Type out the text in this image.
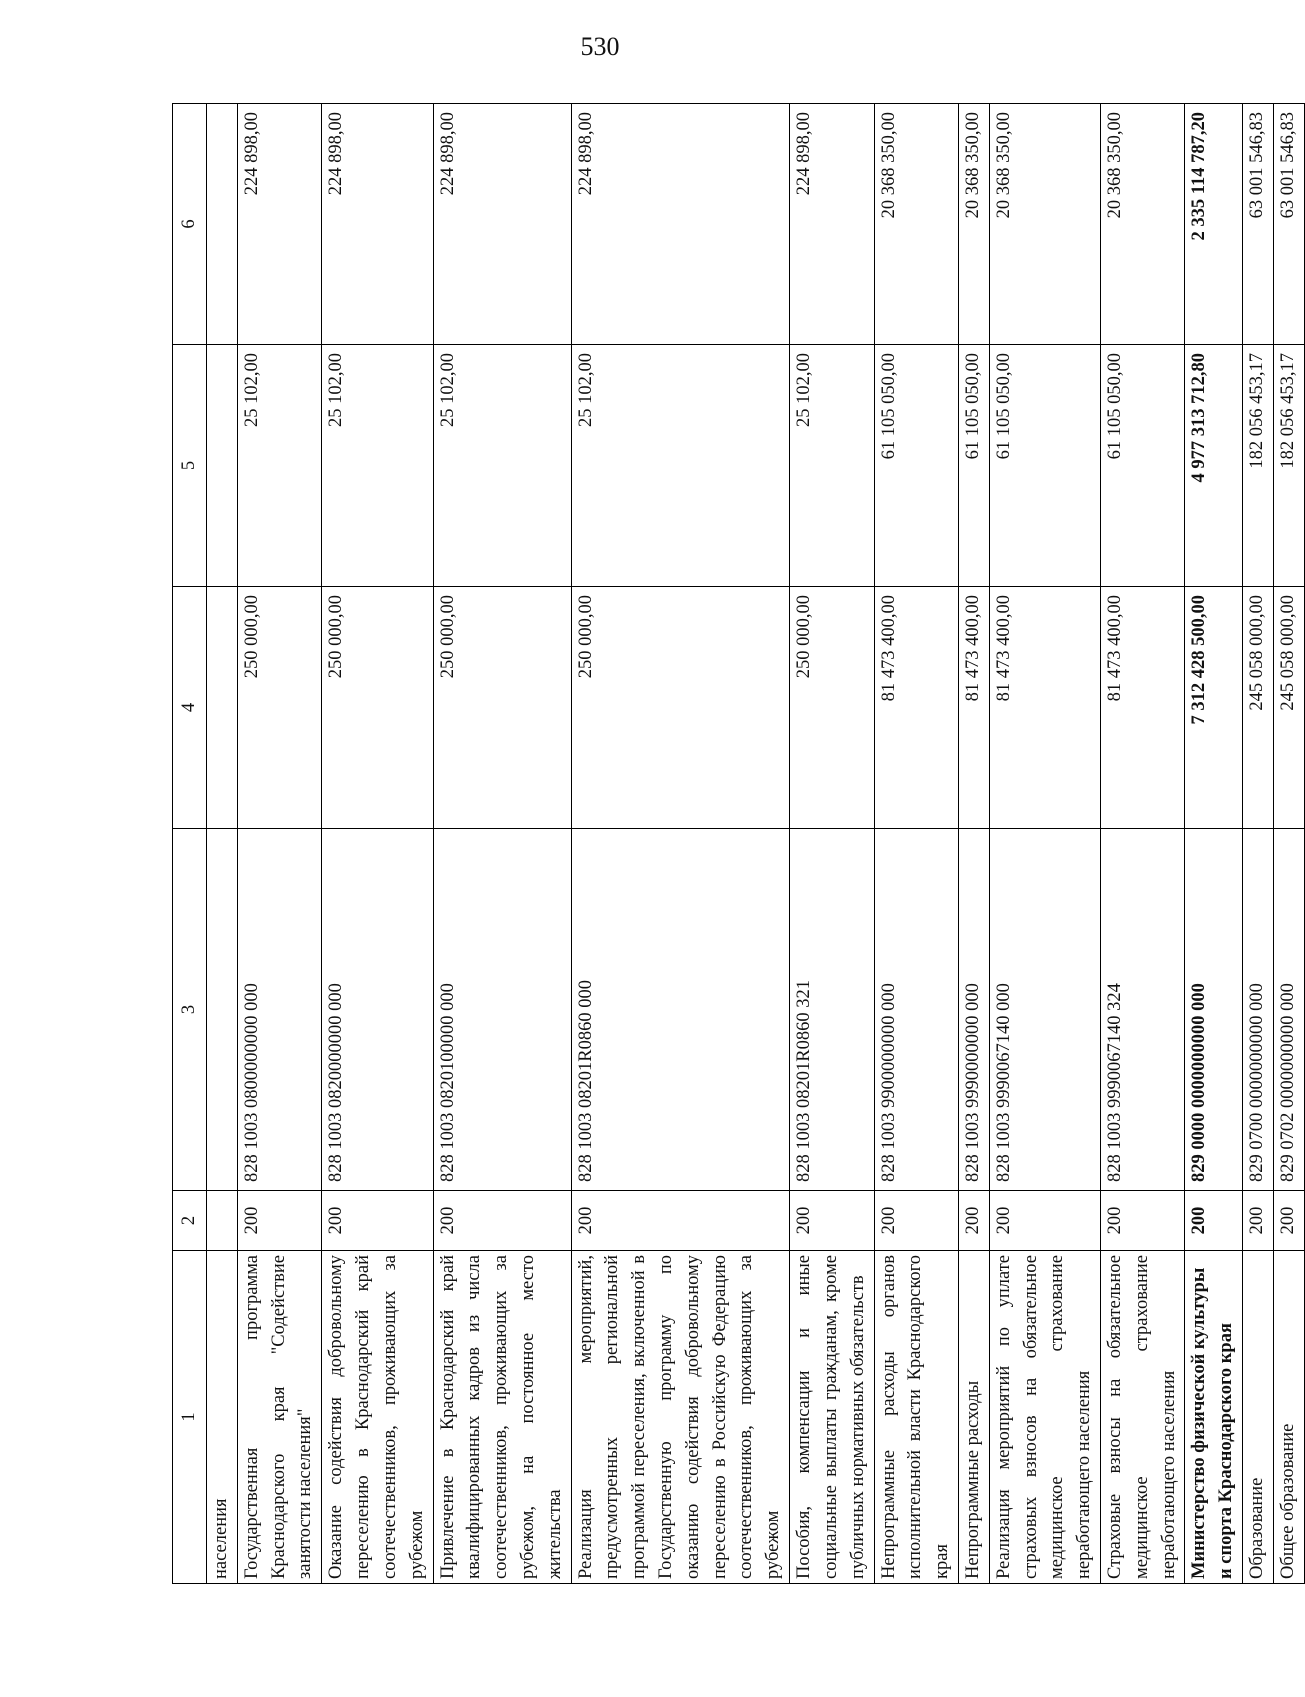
530
1	2	3	4	5	6
населения					
Государственная программа Краснодарского края "Содействие занятости населения"	200	828 1003 0800000000 000	250 000,00	25 102,00	224 898,00
Оказание содействия добровольному переселению в Краснодарский край соотечественников, проживающих за рубежом	200	828 1003 0820000000 000	250 000,00	25 102,00	224 898,00
Привлечение в Краснодарский край квалифицированных кадров из числа соотечественников, проживающих за рубежом, на постоянное место жительства	200	828 1003 0820100000 000	250 000,00	25 102,00	224 898,00
Реализация мероприятий, предусмотренных региональной программой переселения, включенной в Государственную программу по оказанию содействия добровольному переселению в Российскую Федерацию соотечественников, проживающих за рубежом	200	828 1003 08201R0860 000	250 000,00	25 102,00	224 898,00
Пособия, компенсации и иные социальные выплаты гражданам, кроме публичных нормативных обязательств	200	828 1003 08201R0860 321	250 000,00	25 102,00	224 898,00
Непрограммные расходы органов исполнительной власти Краснодарского края	200	828 1003 9900000000 000	81 473 400,00	61 105 050,00	20 368 350,00
Непрограммные расходы	200	828 1003 9990000000 000	81 473 400,00	61 105 050,00	20 368 350,00
Реализация мероприятий по уплате страховых взносов на обязательное медицинское страхование неработающего населения	200	828 1003 9990067140 000	81 473 400,00	61 105 050,00	20 368 350,00
Страховые взносы на обязательное медицинское страхование неработающего населения	200	828 1003 9990067140 324	81 473 400,00	61 105 050,00	20 368 350,00
Министерство физической культуры и спорта Краснодарского края	200	829 0000 0000000000 000	7 312 428 500,00	4 977 313 712,80	2 335 114 787,20
Образование	200	829 0700 0000000000 000	245 058 000,00	182 056 453,17	63 001 546,83
Общее образование	200	829 0702 0000000000 000	245 058 000,00	182 056 453,17	63 001 546,83
